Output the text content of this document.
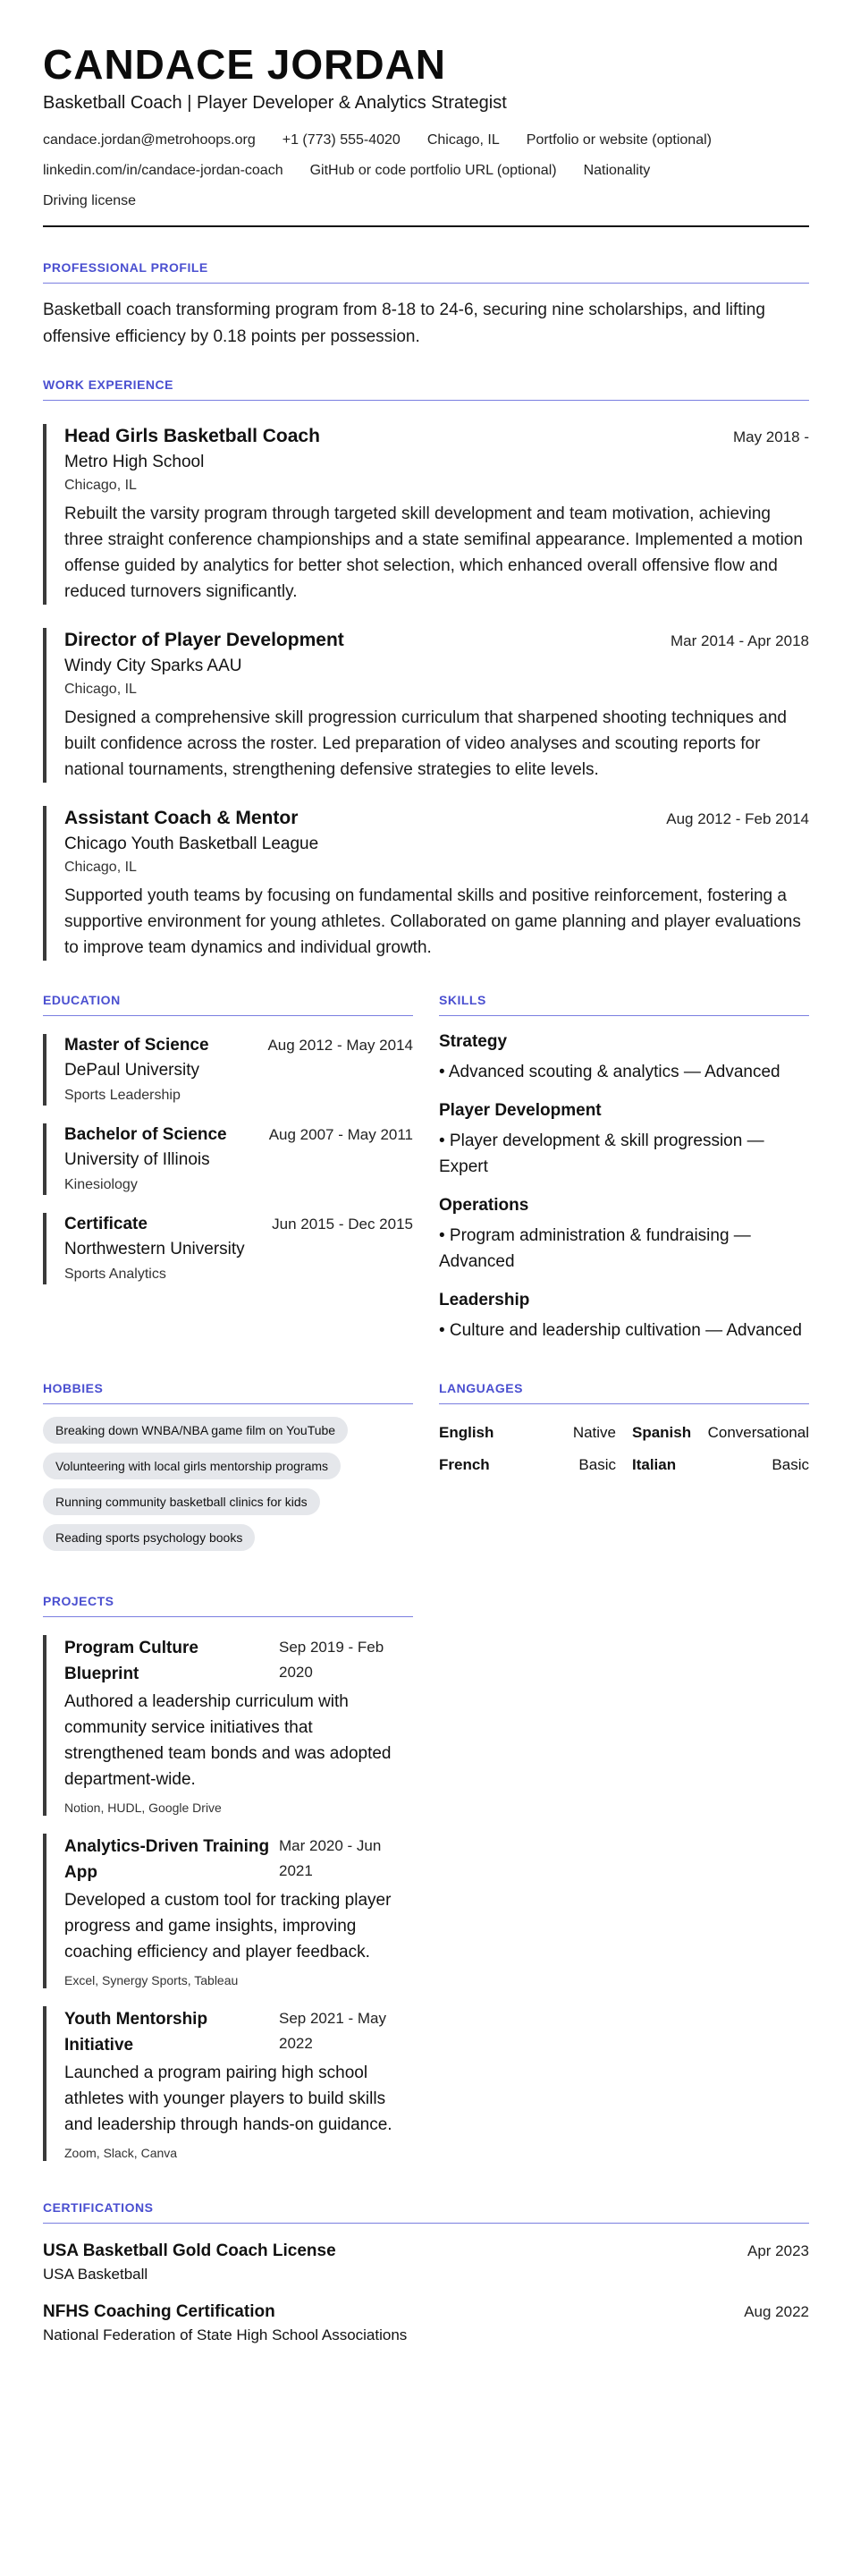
CANDACE JORDAN
Basketball Coach | Player Developer & Analytics Strategist
candace.jordan@metrohoops.org +1 (773) 555-4020 Chicago, IL Portfolio or website (optional)
linkedin.com/in/candace-jordan-coach GitHub or code portfolio URL (optional) Nationality
Driving license
PROFESSIONAL PROFILE
Basketball coach transforming program from 8-18 to 24-6, securing nine scholarships, and lifting offensive efficiency by 0.18 points per possession.
WORK EXPERIENCE
Head Girls Basketball Coach	May 2018 -
Metro High School
Chicago, IL
Rebuilt the varsity program through targeted skill development and team motivation, achieving three straight conference championships and a state semifinal appearance. Implemented a motion offense guided by analytics for better shot selection, which enhanced overall offensive flow and reduced turnovers significantly.
Director of Player Development	Mar 2014 - Apr 2018
Windy City Sparks AAU
Chicago, IL
Designed a comprehensive skill progression curriculum that sharpened shooting techniques and built confidence across the roster. Led preparation of video analyses and scouting reports for national tournaments, strengthening defensive strategies to elite levels.
Assistant Coach & Mentor	Aug 2012 - Feb 2014
Chicago Youth Basketball League
Chicago, IL
Supported youth teams by focusing on fundamental skills and positive reinforcement, fostering a supportive environment for young athletes. Collaborated on game planning and player evaluations to improve team dynamics and individual growth.
EDUCATION
Master of Science	Aug 2012 - May 2014
DePaul University
Sports Leadership
Bachelor of Science	Aug 2007 - May 2011
University of Illinois
Kinesiology
Certificate	Jun 2015 - Dec 2015
Northwestern University
Sports Analytics
SKILLS
Strategy
• Advanced scouting & analytics — Advanced
Player Development
• Player development & skill progression — Expert
Operations
• Program administration & fundraising — Advanced
Leadership
• Culture and leadership cultivation — Advanced
HOBBIES
Breaking down WNBA/NBA game film on YouTube
Volunteering with local girls mentorship programs
Running community basketball clinics for kids
Reading sports psychology books
LANGUAGES
English	Native Spanish Conversational
French	Basic Italian	Basic
PROJECTS
Program Culture Blueprint
Sep 2019 - Feb 2020
Authored a leadership curriculum with community service initiatives that strengthened team bonds and was adopted department-wide.
Notion, HUDL, Google Drive
Analytics-Driven Training App
Mar 2020 - Jun 2021
Developed a custom tool for tracking player progress and game insights, improving coaching efficiency and player feedback.
Excel, Synergy Sports, Tableau
Youth Mentorship Initiative
Sep 2021 - May 2022
Launched a program pairing high school athletes with younger players to build skills and leadership through hands-on guidance.
Zoom, Slack, Canva
CERTIFICATIONS
USA Basketball Gold Coach License	Apr 2023
USA Basketball
NFHS Coaching Certification	Aug 2022
National Federation of State High School Associations
